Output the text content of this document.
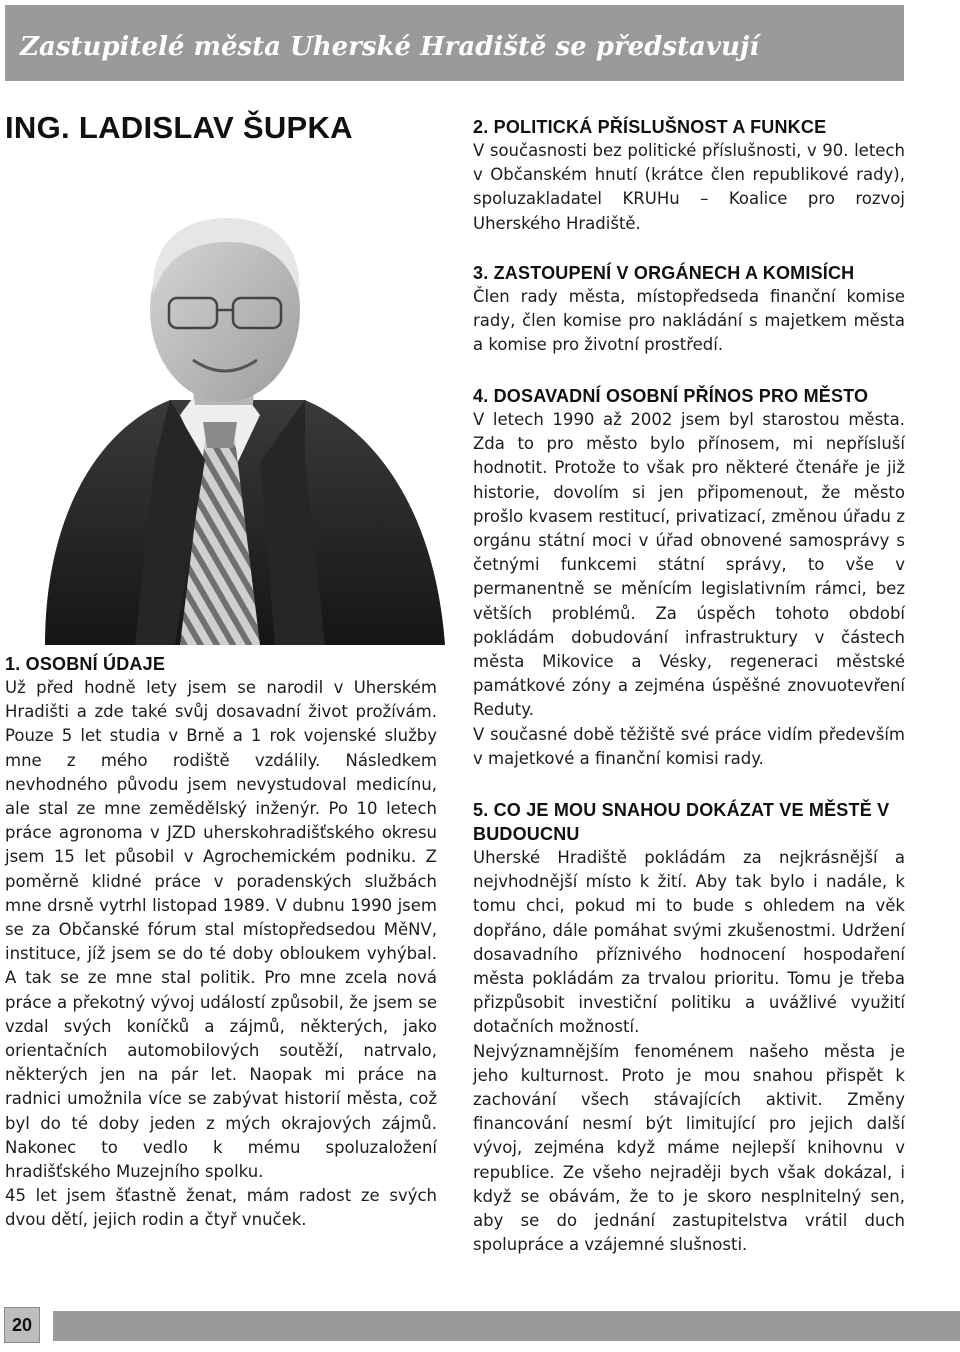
Zastupitelé města Uherské Hradiště se představují
ING. LADISLAV ŠUPKA
1. OSOBNÍ ÚDAJE

Už před hodně lety jsem se narodil v Uherském Hradišti a zde také svůj dosavadní život prožívám. Pouze 5 let studia v Brně a 1 rok vojenské služby mne z mého rodiště vzdálily. Následkem nevhodného původu jsem nevystudoval medicínu, ale stal ze mne zemědělský inženýr. Po 10 letech práce agronoma v JZD uherskohradišťského okresu jsem 15 let působil v Agrochemickém podniku. Z poměrně klidné práce v poradenských službách mne drsně vytrhl listopad 1989. V dubnu 1990 jsem se za Občanské fórum stal místopředsedou MěNV, instituce, jíž jsem se do té doby obloukem vyhýbal. A tak se ze mne stal politik. Pro mne zcela nová práce a překotný vývoj událostí způsobil, že jsem se vzdal svých koníčků a zájmů, některých, jako orientačních automobilových soutěží, natrvalo, některých jen na pár let. Naopak mi práce na radnici umožnila více se zabývat historií města, což byl do té doby jeden z mých okrajových zájmů. Nakonec to vedlo k mému spoluzaložení hradišťského Muzejního spolku.

45 let jsem šťastně ženat, mám radost ze svých dvou dětí, jejich rodin a čtyř vnuček.

2. POLITICKÁ PŘÍSLUŠNOST A FUNKCE

V současnosti bez politické příslušnosti, v 90. letech v Občanském hnutí (krátce člen republikové rady), spoluzakladatel KRUHu – Koalice pro rozvoj Uherského Hradiště.

3. ZASTOUPENÍ V ORGÁNECH A KOMISÍCH

Člen rady města, místopředseda finanční komise rady, člen komise pro nakládání s majetkem města a komise pro životní prostředí.

4. DOSAVADNÍ OSOBNÍ PŘÍNOS PRO MĚSTO

V letech 1990 až 2002 jsem byl starostou města. Zda to pro město bylo přínosem, mi nepřísluší hodnotit. Protože to však pro některé čtenáře je již historie, dovolím si jen připomenout, že město prošlo kvasem restitucí, privatizací, změnou úřadu z orgánu státní moci v úřad obnovené samosprávy s četnými funkcemi státní správy, to vše v permanentně se měnícím legislativním rámci, bez větších problémů. Za úspěch tohoto období pokládám dobudování infrastruktury v částech města Mikovice a Vésky, regeneraci městské památkové zóny a zejména úspěšné znovuotevření Reduty.

V současné době těžiště své práce vidím především v majetkové a finanční komisi rady.

5. CO JE MOU SNAHOU DOKÁZAT VE MĚSTĚ V BUDOUCNU

Uherské Hradiště pokládám za nejkrásnější a nejvhodnější místo k žití. Aby tak bylo i nadále, k tomu chci, pokud mi to bude s ohledem na věk dopřáno, dále pomáhat svými zkušenostmi. Udržení dosavadního příznivého hodnocení hospodaření města pokládám za trvalou prioritu. Tomu je třeba přizpůsobit investiční politiku a uvážlivé využití dotačních možností.

Nejvýznamnějším fenoménem našeho města je jeho kulturnost. Proto je mou snahou přispět k zachování všech stávajících aktivit. Změny financování nesmí být limitující pro jejich další vývoj, zejména když máme nejlepší knihovnu v republice. Ze všeho nejraději bych však dokázal, i když se obávám, že to je skoro nesplnitelný sen, aby se do jednání zastupitelstva vrátil duch spolupráce a vzájemné slušnosti.

20
